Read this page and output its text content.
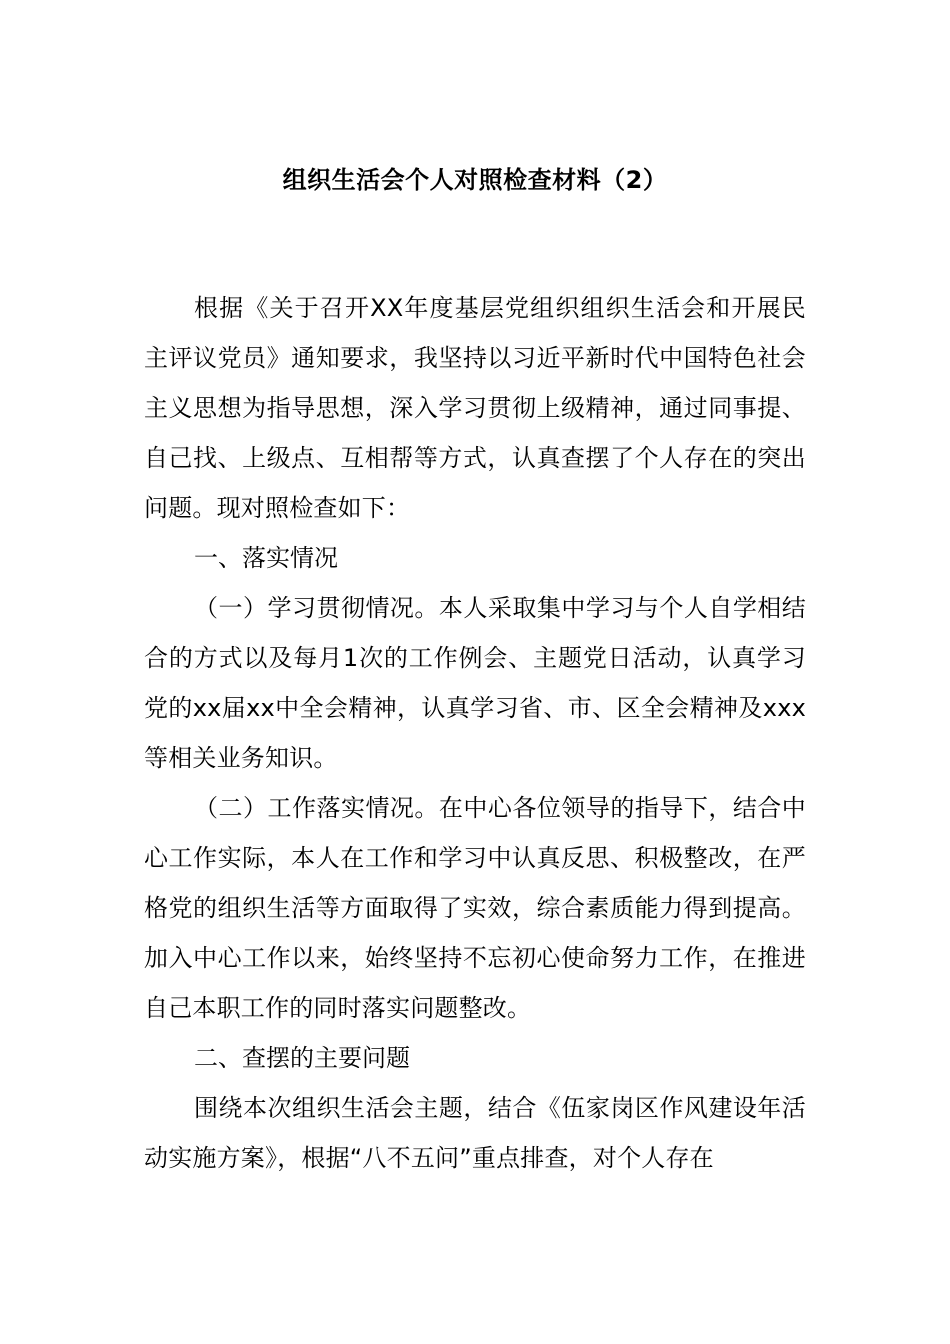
组织生活会个人对照检查材料（2）

根据《关于召开XX年度基层党组织组织生活会和开展民主评议党员》通知要求，我坚持以习近平新时代中国特色社会主义思想为指导思想，深入学习贯彻上级精神，通过同事提、自己找、上级点、互相帮等方式，认真查摆了个人存在的突出问题。现对照检查如下：

一、落实情况

（一）学习贯彻情况。本人采取集中学习与个人自学相结合的方式以及每月1次的工作例会、主题党日活动，认真学习党的xx届xx中全会精神，认真学习省、市、区全会精神及xxx等相关业务知识。

（二）工作落实情况。在中心各位领导的指导下，结合中心工作实际，本人在工作和学习中认真反思、积极整改，在严格党的组织生活等方面取得了实效，综合素质能力得到提高。加入中心工作以来，始终坚持不忘初心使命努力工作，在推进自己本职工作的同时落实问题整改。

二、查摆的主要问题

围绕本次组织生活会主题，结合《伍家岗区作风建设年活动实施方案》，根据“八不五问”重点排查，对个人存在
